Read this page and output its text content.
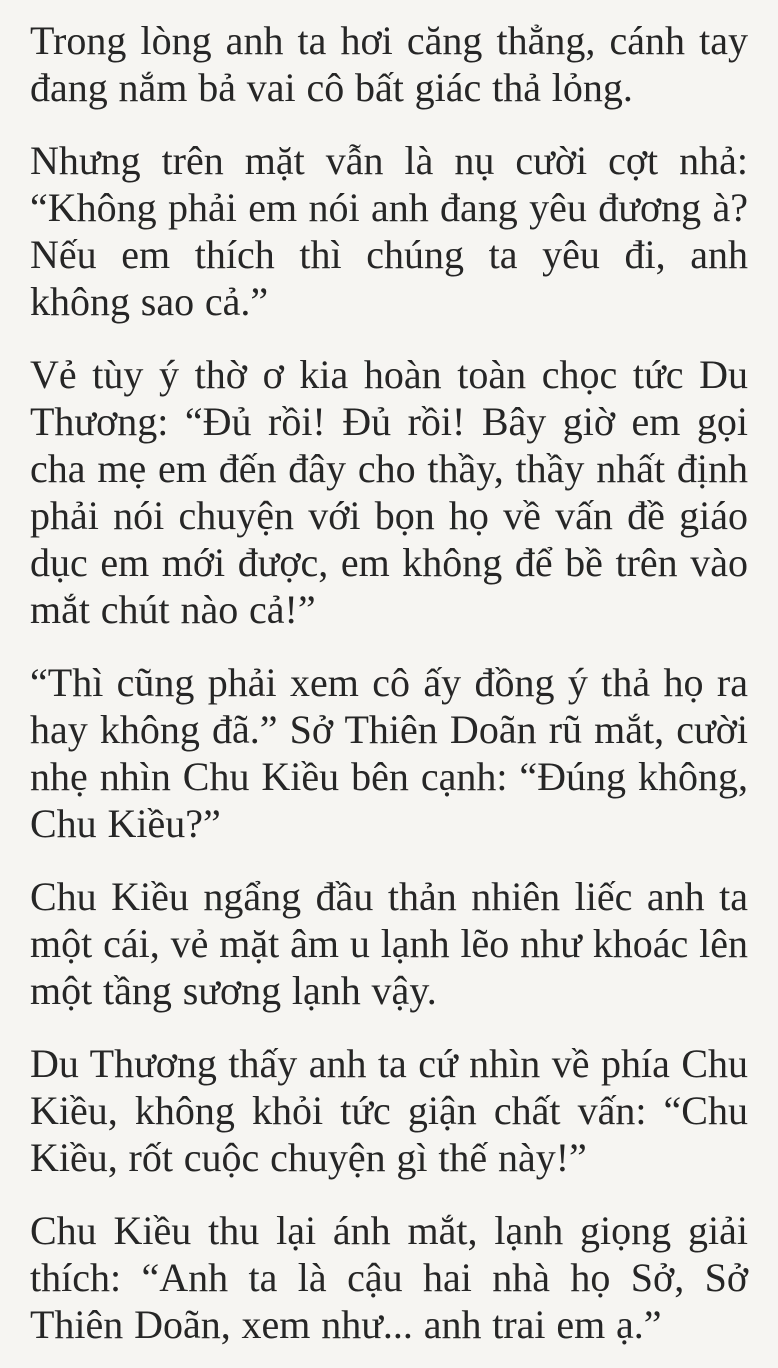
Trong lòng anh ta hơi căng thẳng, cánh tay đang nắm bả vai cô bất giác thả lỏng.

Nhưng trên mặt vẫn là nụ cười cợt nhả: “Không phải em nói anh đang yêu đương à? Nếu em thích thì chúng ta yêu đi, anh không sao cả.”

Vẻ tùy ý thờ ơ kia hoàn toàn chọc tức Du Thương: “Đủ rồi! Đủ rồi! Bây giờ em gọi cha mẹ em đến đây cho thầy, thầy nhất định phải nói chuyện với bọn họ về vấn đề giáo dục em mới được, em không để bề trên vào mắt chút nào cả!”

“Thì cũng phải xem cô ấy đồng ý thả họ ra hay không đã.” Sở Thiên Doãn rũ mắt, cười nhẹ nhìn Chu Kiều bên cạnh: “Đúng không, Chu Kiều?”

Chu Kiều ngẩng đầu thản nhiên liếc anh ta một cái, vẻ mặt âm u lạnh lẽo như khoác lên một tầng sương lạnh vậy.

Du Thương thấy anh ta cứ nhìn về phía Chu Kiều, không khỏi tức giận chất vấn: “Chu Kiều, rốt cuộc chuyện gì thế này!”

Chu Kiều thu lại ánh mắt, lạnh giọng giải thích: “Anh ta là cậu hai nhà họ Sở, Sở Thiên Doãn, xem như... anh trai em ạ.”
